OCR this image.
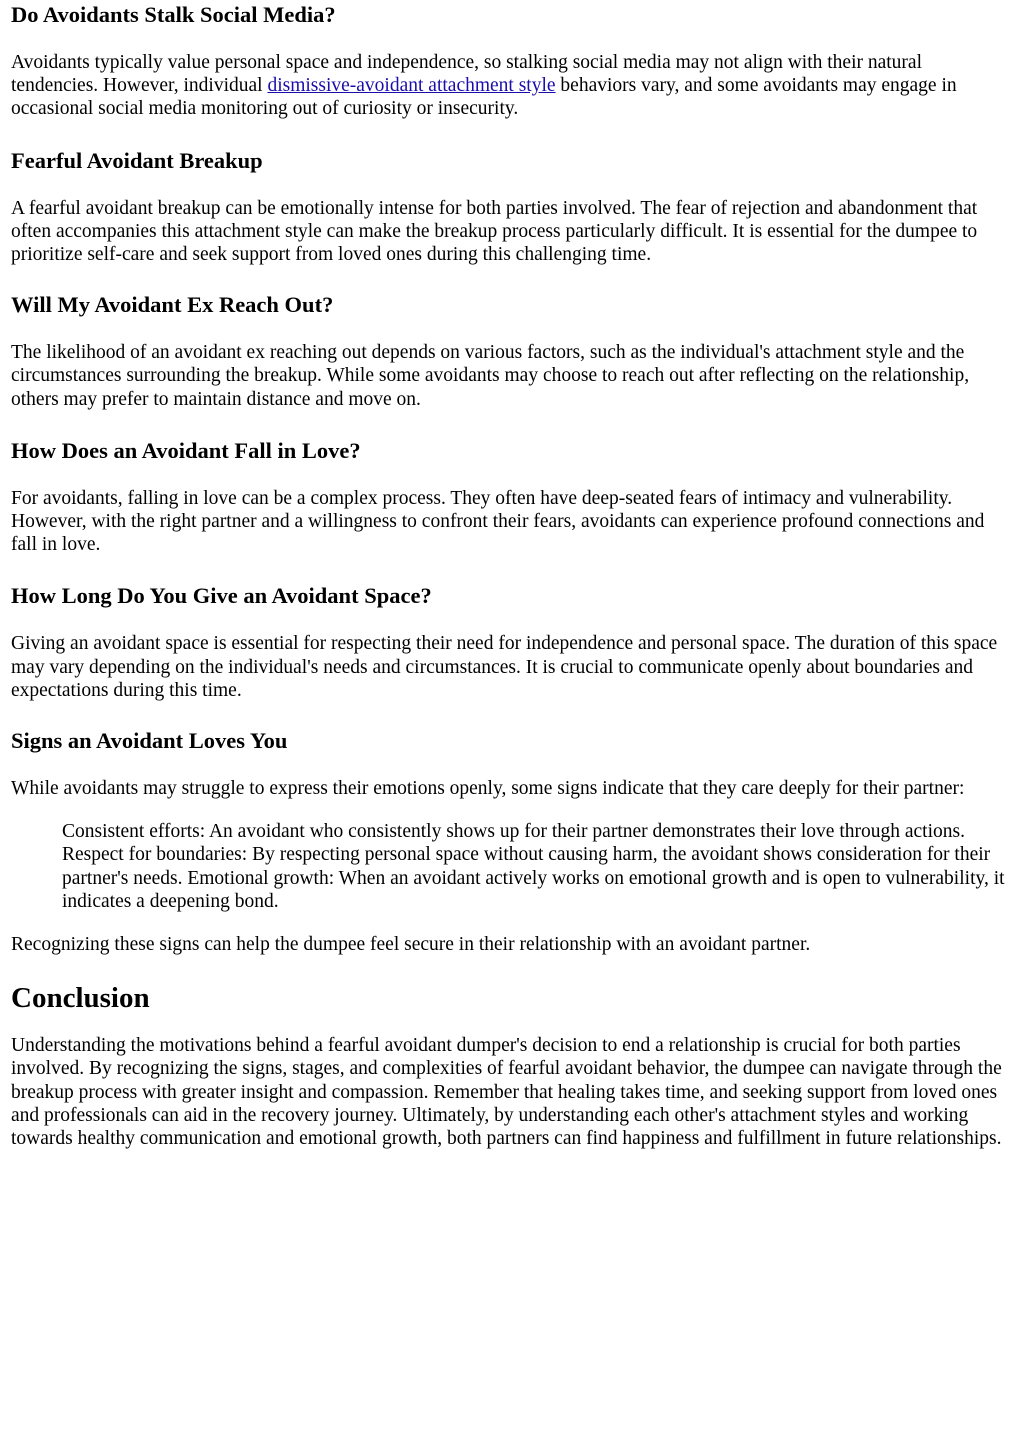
Do Avoidants Stalk Social Media?

Avoidants typically value personal space and independence, so stalking social media may not align with their natural tendencies. However, individual dismissive-avoidant attachment style behaviors vary, and some avoidants may engage in occasional social media monitoring out of curiosity or insecurity.

Fearful Avoidant Breakup

A fearful avoidant breakup can be emotionally intense for both parties involved. The fear of rejection and abandonment that often accompanies this attachment style can make the breakup process particularly difficult. It is essential for the dumpee to prioritize self-care and seek support from loved ones during this challenging time.

Will My Avoidant Ex Reach Out?

The likelihood of an avoidant ex reaching out depends on various factors, such as the individual's attachment style and the circumstances surrounding the breakup. While some avoidants may choose to reach out after reflecting on the relationship, others may prefer to maintain distance and move on.

How Does an Avoidant Fall in Love?

For avoidants, falling in love can be a complex process. They often have deep-seated fears of intimacy and vulnerability. However, with the right partner and a willingness to confront their fears, avoidants can experience profound connections and fall in love.

How Long Do You Give an Avoidant Space?

Giving an avoidant space is essential for respecting their need for independence and personal space. The duration of this space may vary depending on the individual's needs and circumstances. It is crucial to communicate openly about boundaries and expectations during this time.

Signs an Avoidant Loves You

While avoidants may struggle to express their emotions openly, some signs indicate that they care deeply for their partner:

Consistent efforts: An avoidant who consistently shows up for their partner demonstrates their love through actions. Respect for boundaries: By respecting personal space without causing harm, the avoidant shows consideration for their partner's needs. Emotional growth: When an avoidant actively works on emotional growth and is open to vulnerability, it indicates a deepening bond.

Recognizing these signs can help the dumpee feel secure in their relationship with an avoidant partner.

Conclusion

Understanding the motivations behind a fearful avoidant dumper's decision to end a relationship is crucial for both parties involved. By recognizing the signs, stages, and complexities of fearful avoidant behavior, the dumpee can navigate through the breakup process with greater insight and compassion. Remember that healing takes time, and seeking support from loved ones and professionals can aid in the recovery journey. Ultimately, by understanding each other's attachment styles and working towards healthy communication and emotional growth, both partners can find happiness and fulfillment in future relationships.
